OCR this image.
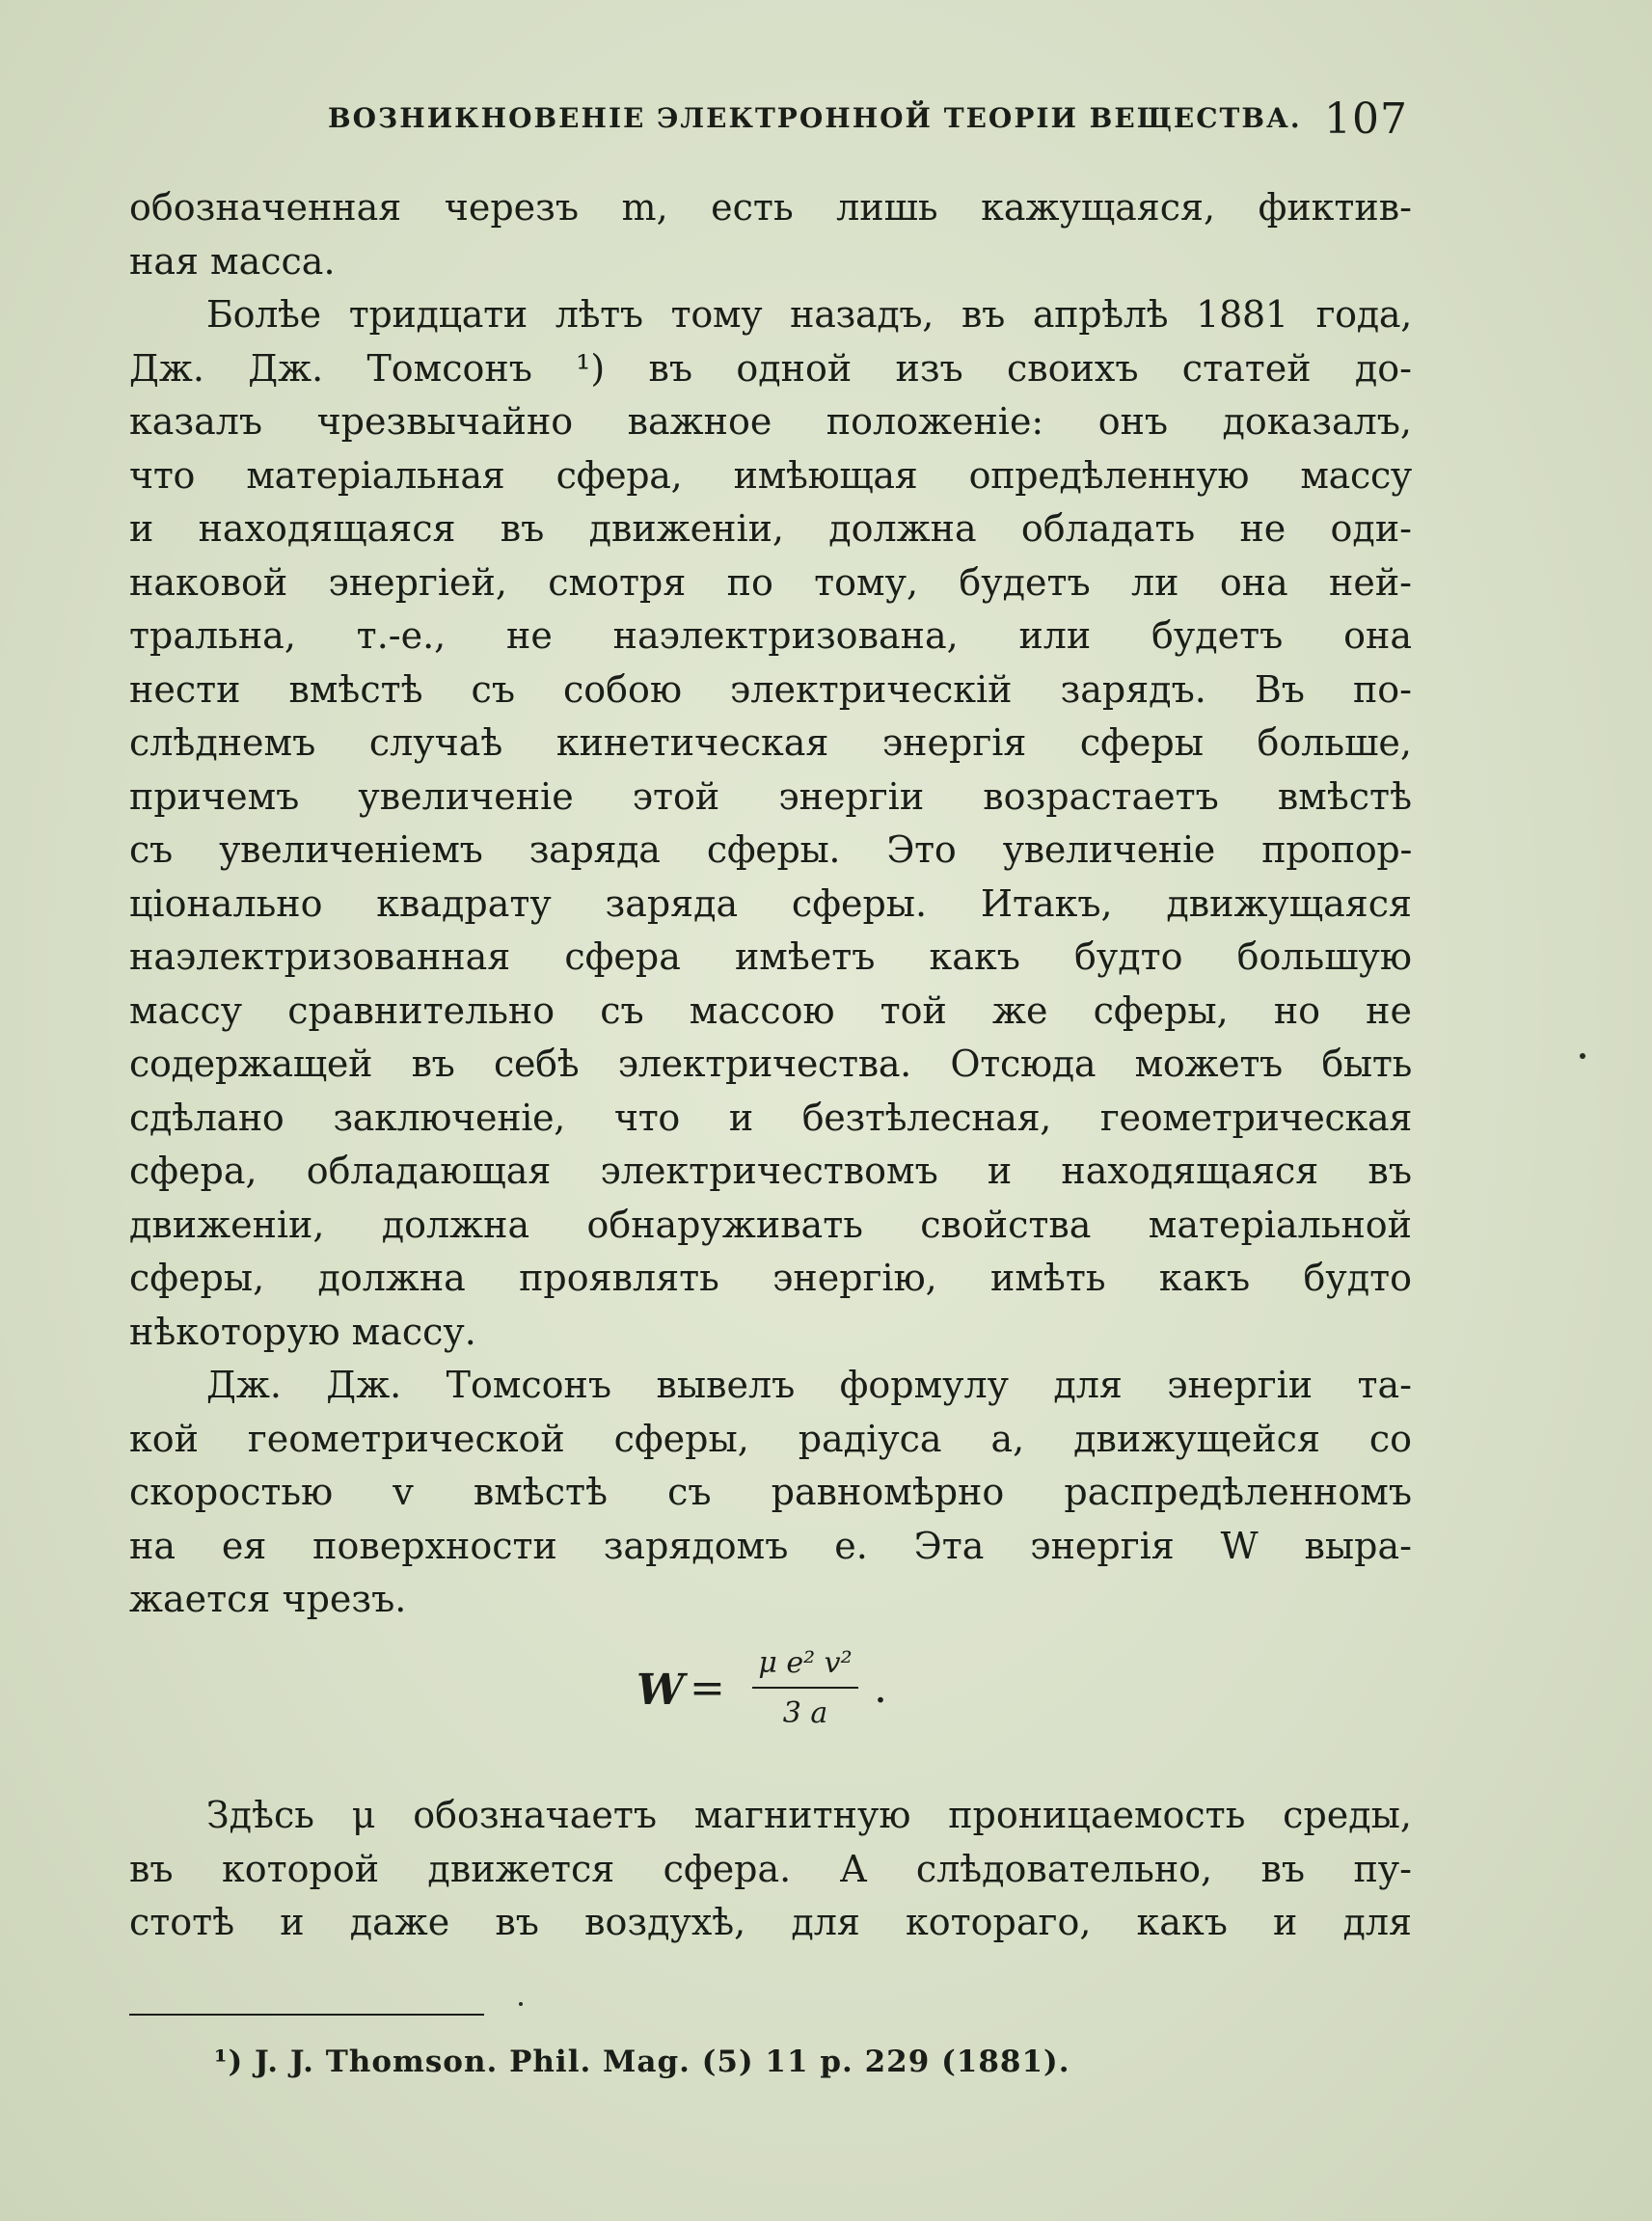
ВОЗНИКНОВЕНІЕ ЭЛЕКТРОННОЙ ТЕОРІИ ВЕЩЕСТВА. 107
обозначенная черезъ m, есть лишь кажущаяся, фиктив-
ная масса.
Болѣе тридцати лѣтъ тому назадъ, въ апрѣлѣ 1881 года,
Дж. Дж. Томсонъ ¹) въ одной изъ своихъ статей до-
казалъ чрезвычайно важное положеніе: онъ доказалъ,
что матеріальная сфера, имѣющая опредѣленную массу
и находящаяся въ движеніи, должна обладать не оди-
наковой энергіей, смотря по тому, будетъ ли она ней-
тральна, т.-е., не наэлектризована, или будетъ она
нести вмѣстѣ съ собою электрическій зарядъ. Въ по-
слѣднемъ случаѣ кинетическая энергія сферы больше,
причемъ увеличеніе этой энергіи возрастаетъ вмѣстѣ
съ увеличеніемъ заряда сферы. Это увеличеніе пропор-
ціонально квадрату заряда сферы. Итакъ, движущаяся
наэлектризованная сфера имѣетъ какъ будто большую
массу сравнительно съ массою той же сферы, но не
содержащей въ себѣ электричества. Отсюда можетъ быть
сдѣлано заключеніе, что и безтѣлесная, геометрическая
сфера, обладающая электричествомъ и находящаяся въ
движеніи, должна обнаруживать свойства матеріальной
сферы, должна проявлять энергію, имѣть какъ будто
нѣкоторую массу.
Дж. Дж. Томсонъ вывелъ формулу для энергіи та-
кой геометрической сферы, радіуса a, движущейся со
скоростью v вмѣстѣ съ равномѣрно распредѣленномъ
на ея поверхности зарядомъ e. Эта энергія W выра-
жается чрезъ.
W =
μ e² v²
3 a
.
Здѣсь μ обозначаетъ магнитную проницаемость среды,
въ которой движется сфера. А слѣдовательно, въ пу-
стотѣ и даже въ воздухѣ, для котораго, какъ и для
¹) J. J. Thomson. Phil. Mag. (5) 11 p. 229 (1881).
